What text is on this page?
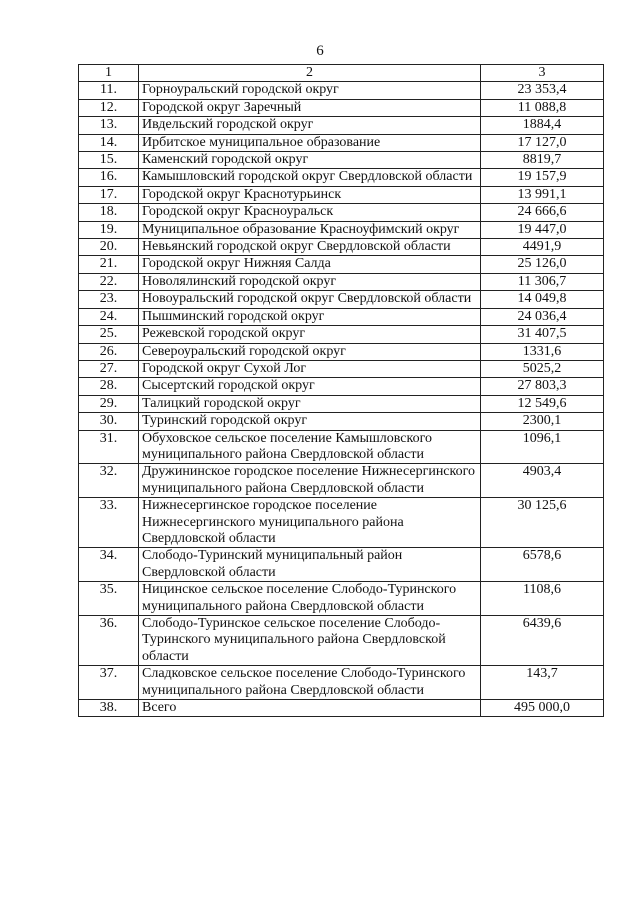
6
1	2	3
11.	Горноуральский городской округ	23 353,4
12.	Городской округ Заречный	11 088,8
13.	Ивдельский городской округ	1884,4
14.	Ирбитское муниципальное образование	17 127,0
15.	Каменский городской округ	8819,7
16.	Камышловский городской округ Свердловской области	19 157,9
17.	Городской округ Краснотурьинск	13 991,1
18.	Городской округ Красноуральск	24 666,6
19.	Муниципальное образование Красноуфимский округ	19 447,0
20.	Невьянский городской округ Свердловской области	4491,9
21.	Городской округ Нижняя Салда	25 126,0
22.	Новолялинский городской округ	11 306,7
23.	Новоуральский городской округ Свердловской области	14 049,8
24.	Пышминский городской округ	24 036,4
25.	Режевской городской округ	31 407,5
26.	Североуральский городской округ	1331,6
27.	Городской округ Сухой Лог	5025,2
28.	Сысертский городской округ	27 803,3
29.	Талицкий городской округ	12 549,6
30.	Туринский городской округ	2300,1
31.	Обуховское сельское поселение Камышловского муниципального района Свердловской области	1096,1
32.	Дружининское городское поселение Нижнесергинского муниципального района Свердловской области	4903,4
33.	Нижнесергинское городское поселение Нижнесергинского муниципального района Свердловской области	30 125,6
34.	Слободо-Туринский муниципальный район Свердловской области	6578,6
35.	Ницинское сельское поселение Слободо-Туринского муниципального района Свердловской области	1108,6
36.	Слободо-Туринское сельское поселение Слободо-Туринского муниципального района Свердловской области	6439,6
37.	Сладковское сельское поселение Слободо-Туринского муниципального района Свердловской области	143,7
38.	Всего	495 000,0
